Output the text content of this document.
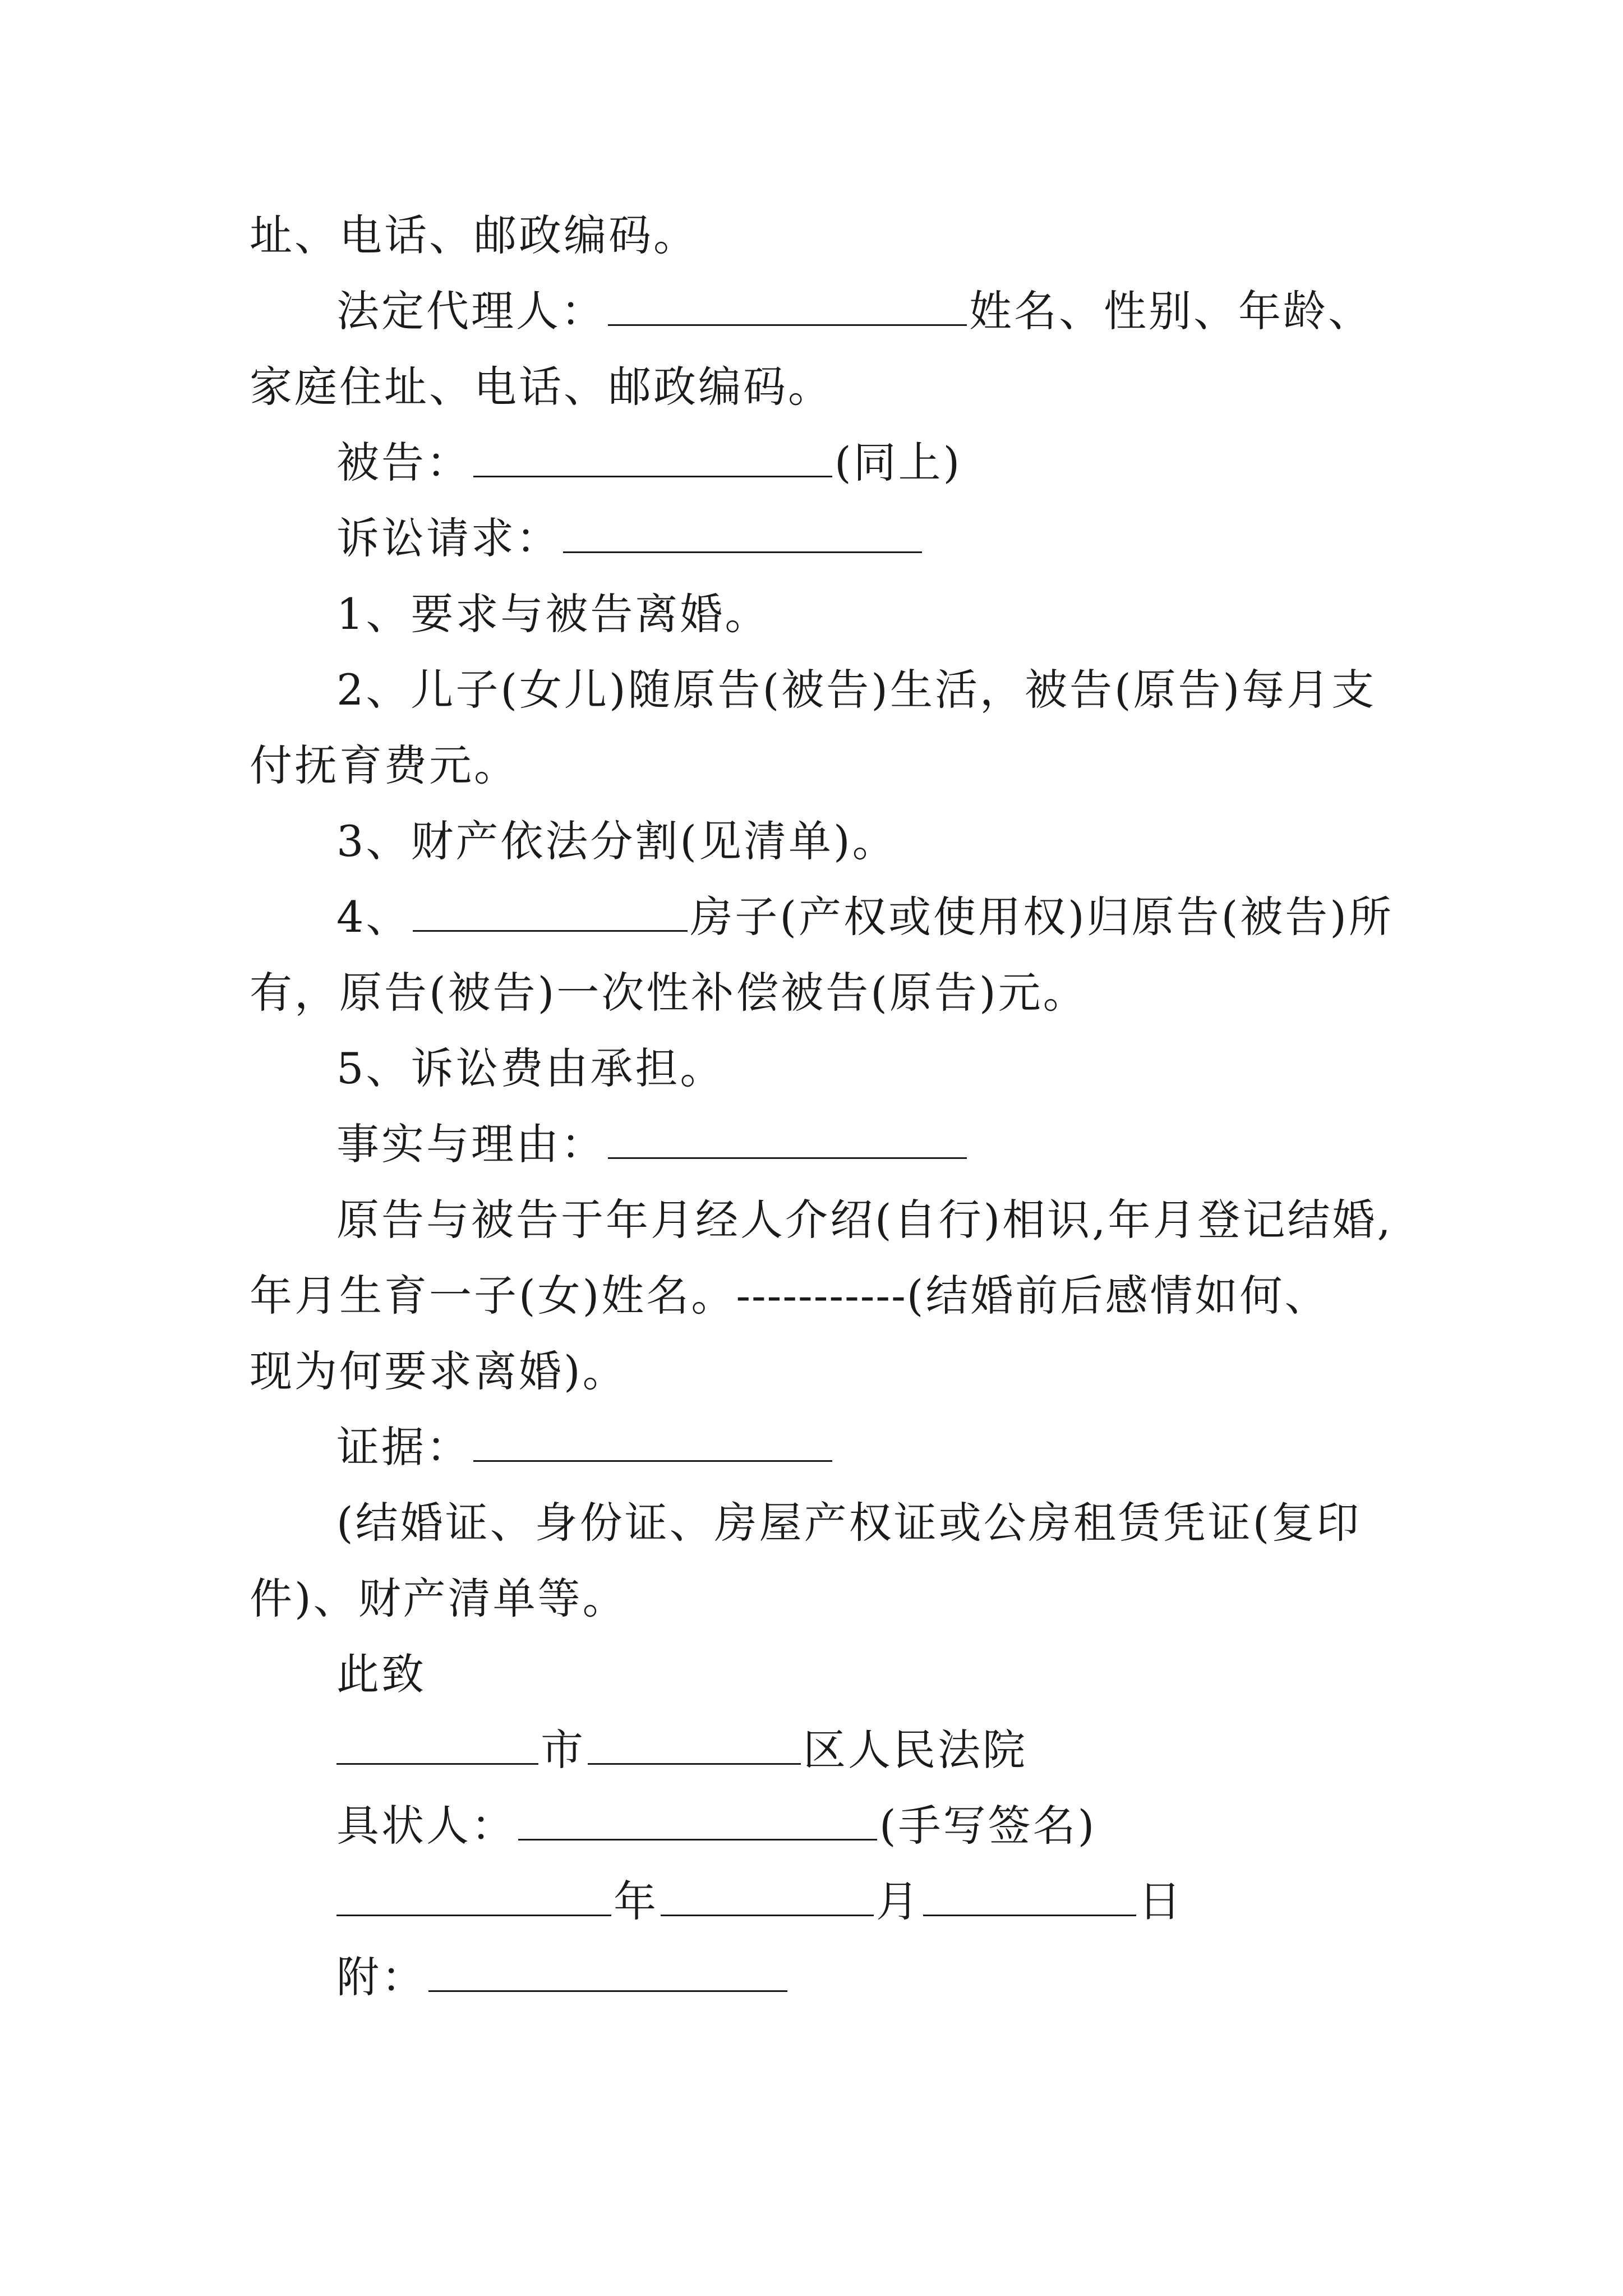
址、电话、邮政编码。
法定代理人：	姓名、性别、年龄、
家庭住址、电话、邮政编码。
被告：	(同上)
诉讼请求：
1、要求与被告离婚。
2、儿子(女儿)随原告(被告)生活，被告(原告)每月支
付抚育费元。
3、财产依法分割(见清单)。
4、	房子(产权或使用权)归原告(被告)所
有，原告(被告)一次性补偿被告(原告)元。
5、诉讼费由承担。
事实与理由：
原告与被告于年月经人介绍(自行)相识,年月登记结婚,
年月生育一子(女)姓名。-----------(结婚前后感情如何、
现为何要求离婚)。
证据：
(结婚证、身份证、房屋产权证或公房租赁凭证(复印
件)、财产清单等。
此致
市	区人民法院
具状人：	(手写签名)
年	月	日
附：
